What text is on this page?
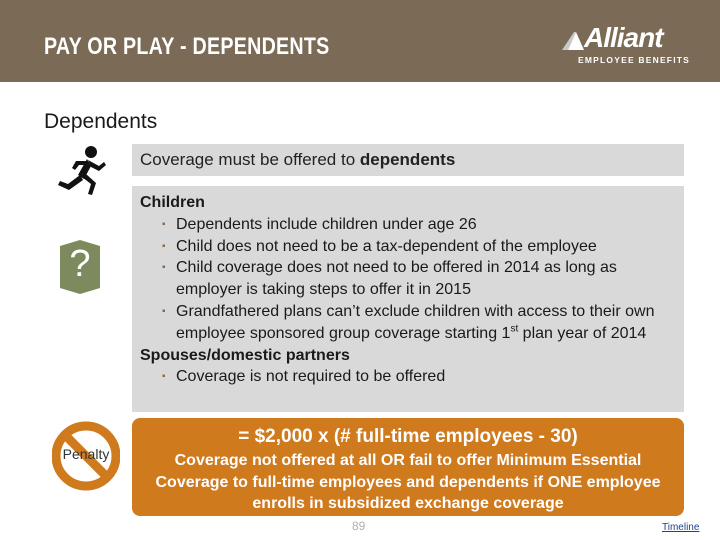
PAY OR PLAY - DEPENDENTS	Alliant
EMPLOYEE BENEFITS
Dependents
Coverage must be offered to dependents
?
Children
▪ Dependents include children under age 26
▪ Child does not need to be a tax-dependent of the employee
▪ Child coverage does not need to be offered in 2014 as long as employer is taking steps to offer it in 2015
▪ Grandfathered plans can’t exclude children with access to their own employee sponsored group coverage starting 1st plan year of 2014
Spouses/domestic partners
▪ Coverage is not required to be offered
Penalty
= $2,000 x (# full-time employees - 30)
Coverage not offered at all OR fail to offer Minimum Essential Coverage to full-time employees and dependents if ONE employee enrolls in subsidized exchange coverage
89	Timeline
